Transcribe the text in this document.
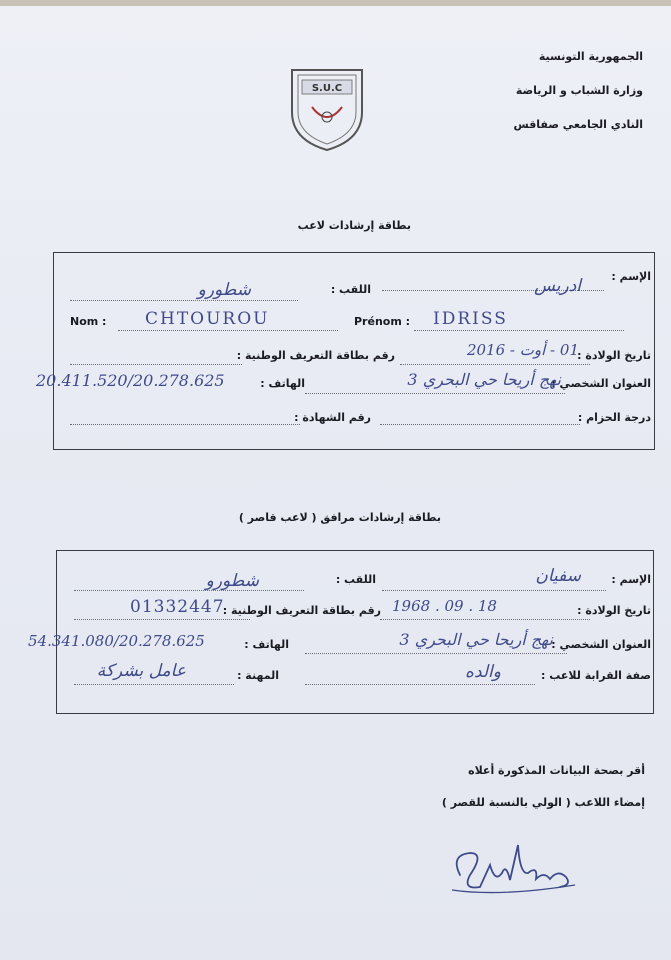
الجمهورية التونسية
وزارة الشباب و الرياضة
النادي الجامعي صفاقس
S.U.C
بطاقة إرشادات لاعب
الإسم :
ادريس
اللقب :
شطورو
Nom : CHTOUROU	Prénom : IDRISS
تاريخ الولادة :
01 - أوت - 2016
رقم بطاقة التعريف الوطنية :
العنوان الشخصي :
نهج أريحا حي البحري 3
الهاتف :
20.411.520/20.278.625
درجة الحزام :
رقم الشهادة :
بطاقة إرشادات مرافق ( لاعب قاصر )
الإسم :
سفيان
اللقب :
شطورو
تاريخ الولادة :
1968 . 09 . 18
رقم بطاقة التعريف الوطنية :
01332447
العنوان الشخصي :
نهج أريحا حي البحري 3
الهاتف :
54.341.080/20.278.625
صفة القرابة للاعب :
والده
المهنة :
عامل بشركة
أقر بصحة البيانات المذكورة أعلاه
إمضاء اللاعب ( الولي بالنسبة للقصر )
